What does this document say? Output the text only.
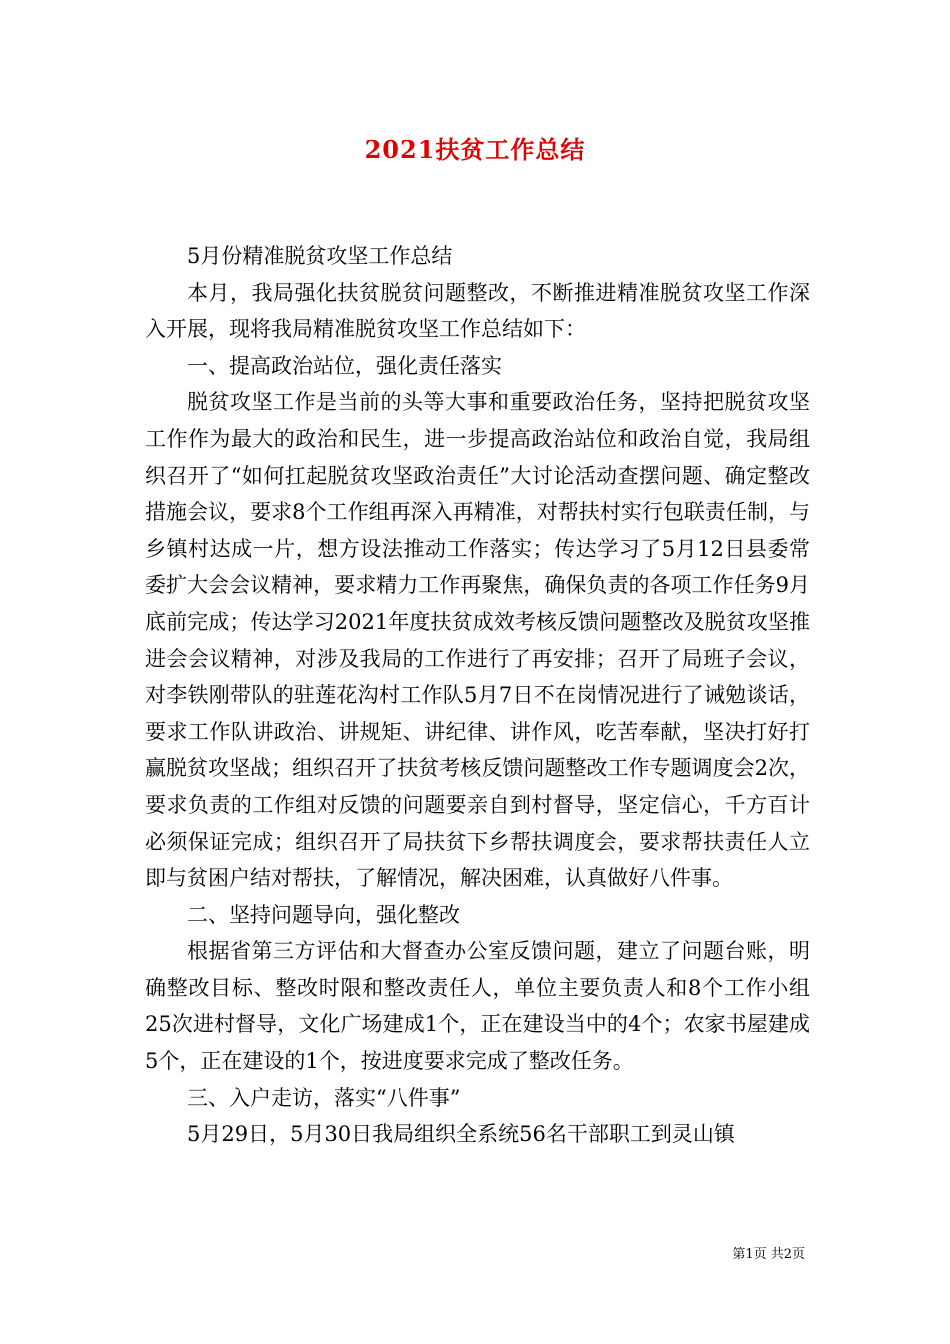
2021扶贫工作总结

5月份精准脱贫攻坚工作总结

本月，我局强化扶贫脱贫问题整改，不断推进精准脱贫攻坚工作深入开展，现将我局精准脱贫攻坚工作总结如下：

一、提高政治站位，强化责任落实

脱贫攻坚工作是当前的头等大事和重要政治任务，坚持把脱贫攻坚工作作为最大的政治和民生，进一步提高政治站位和政治自觉，我局组织召开了“如何扛起脱贫攻坚政治责任”大讨论活动查摆问题、确定整改措施会议，要求8个工作组再深入再精准，对帮扶村实行包联责任制，与乡镇村达成一片，想方设法推动工作落实；传达学习了5月12日县委常委扩大会会议精神，要求精力工作再聚焦，确保负责的各项工作任务9月底前完成；传达学习2021年度扶贫成效考核反馈问题整改及脱贫攻坚推进会会议精神，对涉及我局的工作进行了再安排；召开了局班子会议，对李铁刚带队的驻莲花沟村工作队5月7日不在岗情况进行了诫勉谈话，要求工作队讲政治、讲规矩、讲纪律、讲作风，吃苦奉献，坚决打好打赢脱贫攻坚战；组织召开了扶贫考核反馈问题整改工作专题调度会2次，要求负责的工作组对反馈的问题要亲自到村督导，坚定信心，千方百计必须保证完成；组织召开了局扶贫下乡帮扶调度会，要求帮扶责任人立即与贫困户结对帮扶，了解情况，解决困难，认真做好八件事。

二、坚持问题导向，强化整改

根据省第三方评估和大督查办公室反馈问题，建立了问题台账，明确整改目标、整改时限和整改责任人，单位主要负责人和8个工作小组25次进村督导，文化广场建成1个，正在建设当中的4个；农家书屋建成5个，正在建设的1个，按进度要求完成了整改任务。

三、入户走访，落实“八件事”

5月29日，5月30日我局组织全系统56名干部职工到灵山镇

第1页 共2页
